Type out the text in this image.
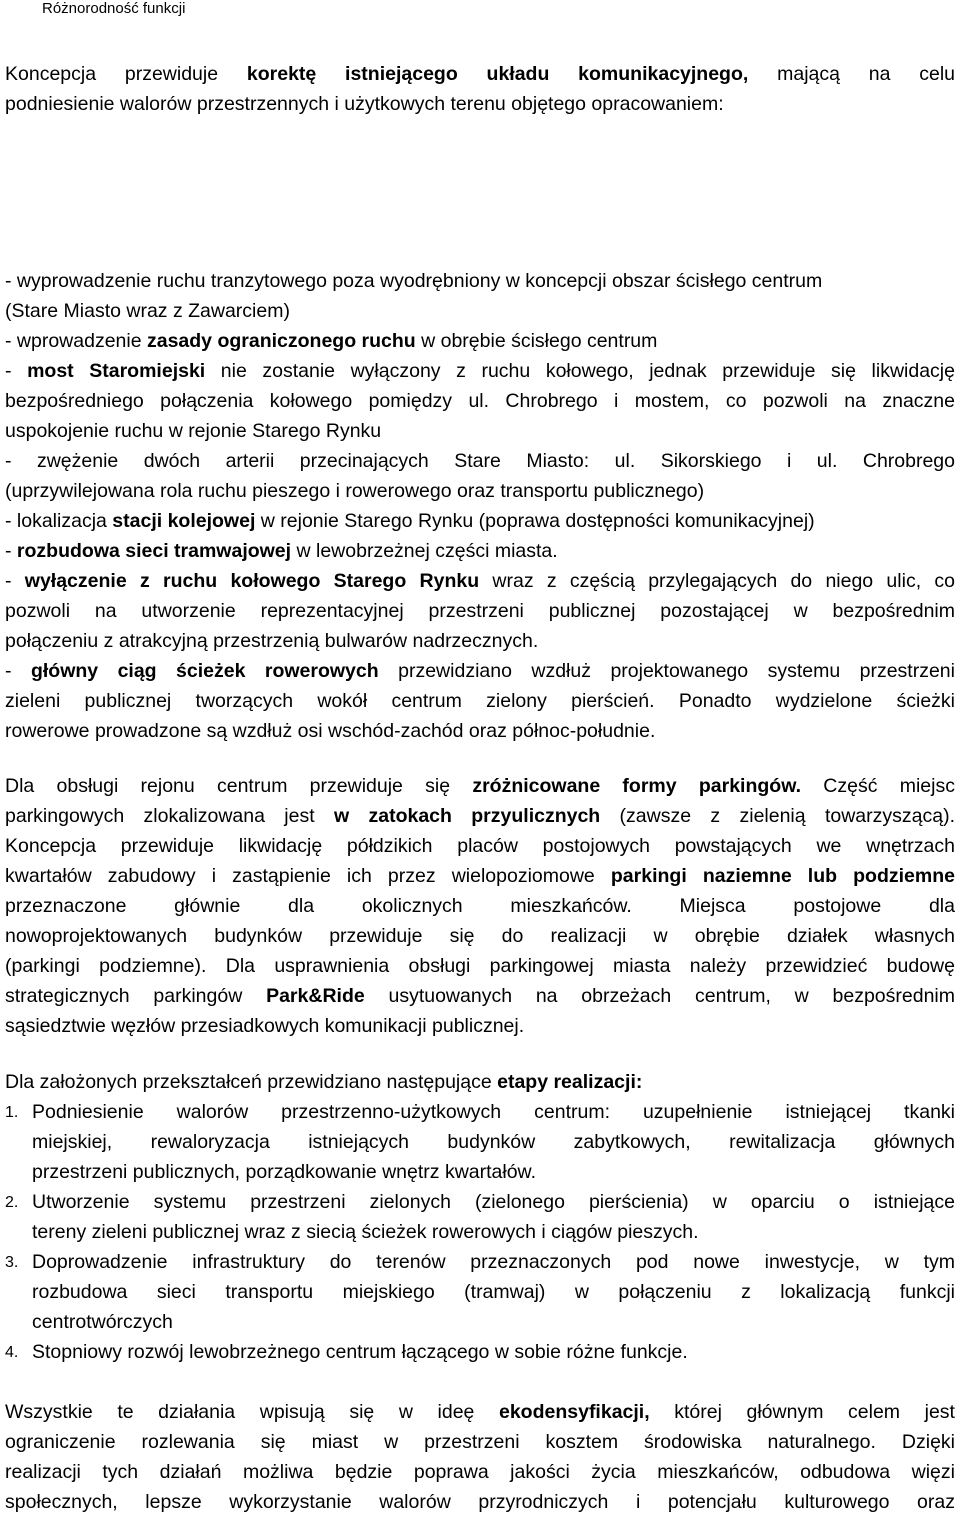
Różnorodność funkcji

Koncepcja przewiduje korektę istniejącego układu komunikacyjnego, mającą na celu
podniesienie walorów przestrzennych i użytkowych terenu objętego opracowaniem:

- wyprowadzenie ruchu tranzytowego poza wyodrębniony w koncepcji obszar ścisłego centrum
(Stare Miasto wraz z Zawarciem)
- wprowadzenie zasady ograniczonego ruchu w obrębie ścisłego centrum
- most Staromiejski nie zostanie wyłączony z ruchu kołowego, jednak przewiduje się likwidację
bezpośredniego połączenia kołowego pomiędzy ul. Chrobrego i mostem, co pozwoli na znaczne
uspokojenie ruchu w rejonie Starego Rynku
- zwężenie dwóch arterii przecinających Stare Miasto: ul. Sikorskiego i ul. Chrobrego
(uprzywilejowana rola ruchu pieszego i rowerowego oraz transportu publicznego)
- lokalizacja stacji kolejowej w rejonie Starego Rynku (poprawa dostępności komunikacyjnej)
- rozbudowa sieci tramwajowej w lewobrzeżnej części miasta.
- wyłączenie z ruchu kołowego Starego Rynku wraz z częścią przylegających do niego ulic, co
pozwoli na utworzenie reprezentacyjnej przestrzeni publicznej pozostającej w bezpośrednim
połączeniu z atrakcyjną przestrzenią bulwarów nadrzecznych.
- główny ciąg ścieżek rowerowych przewidziano wzdłuż projektowanego systemu przestrzeni
zieleni publicznej tworzących wokół centrum zielony pierścień. Ponadto wydzielone ścieżki
rowerowe prowadzone są wzdłuż osi wschód-zachód oraz północ-południe.

Dla obsługi rejonu centrum przewiduje się zróżnicowane formy parkingów. Część miejsc
parkingowych zlokalizowana jest w zatokach przyulicznych (zawsze z zielenią towarzyszącą).
Koncepcja przewiduje likwidację półdzikich placów postojowych powstających we wnętrzach
kwartałów zabudowy i zastąpienie ich przez wielopoziomowe parkingi naziemne lub podziemne
przeznaczone głównie dla okolicznych mieszkańców. Miejsca postojowe dla
nowoprojektowanych budynków przewiduje się do realizacji w obrębie działek własnych
(parkingi podziemne). Dla usprawnienia obsługi parkingowej miasta należy przewidzieć budowę
strategicznych parkingów Park&Ride usytuowanych na obrzeżach centrum, w bezpośrednim
sąsiedztwie węzłów przesiadkowych komunikacji publicznej.

Dla założonych przekształceń przewidziano następujące etapy realizacji:

1. Podniesienie walorów przestrzenno-użytkowych centrum: uzupełnienie istniejącej tkanki
miejskiej, rewaloryzacja istniejących budynków zabytkowych, rewitalizacja głównych
przestrzeni publicznych, porządkowanie wnętrz kwartałów.
2. Utworzenie systemu przestrzeni zielonych (zielonego pierścienia) w oparciu o istniejące
tereny zieleni publicznej wraz z siecią ścieżek rowerowych i ciągów pieszych.
3. Doprowadzenie infrastruktury do terenów przeznaczonych pod nowe inwestycje, w tym
rozbudowa sieci transportu miejskiego (tramwaj) w połączeniu z lokalizacją funkcji
centrotwórczych
4. Stopniowy rozwój lewobrzeżnego centrum łączącego w sobie różne funkcje.

Wszystkie te działania wpisują się w ideę ekodensyfikacji, której głównym celem jest
ograniczenie rozlewania się miast w przestrzeni kosztem środowiska naturalnego. Dzięki
realizacji tych działań możliwa będzie poprawa jakości życia mieszkańców, odbudowa więzi
społecznych, lepsze wykorzystanie walorów przyrodniczych i potencjału kulturowego oraz
